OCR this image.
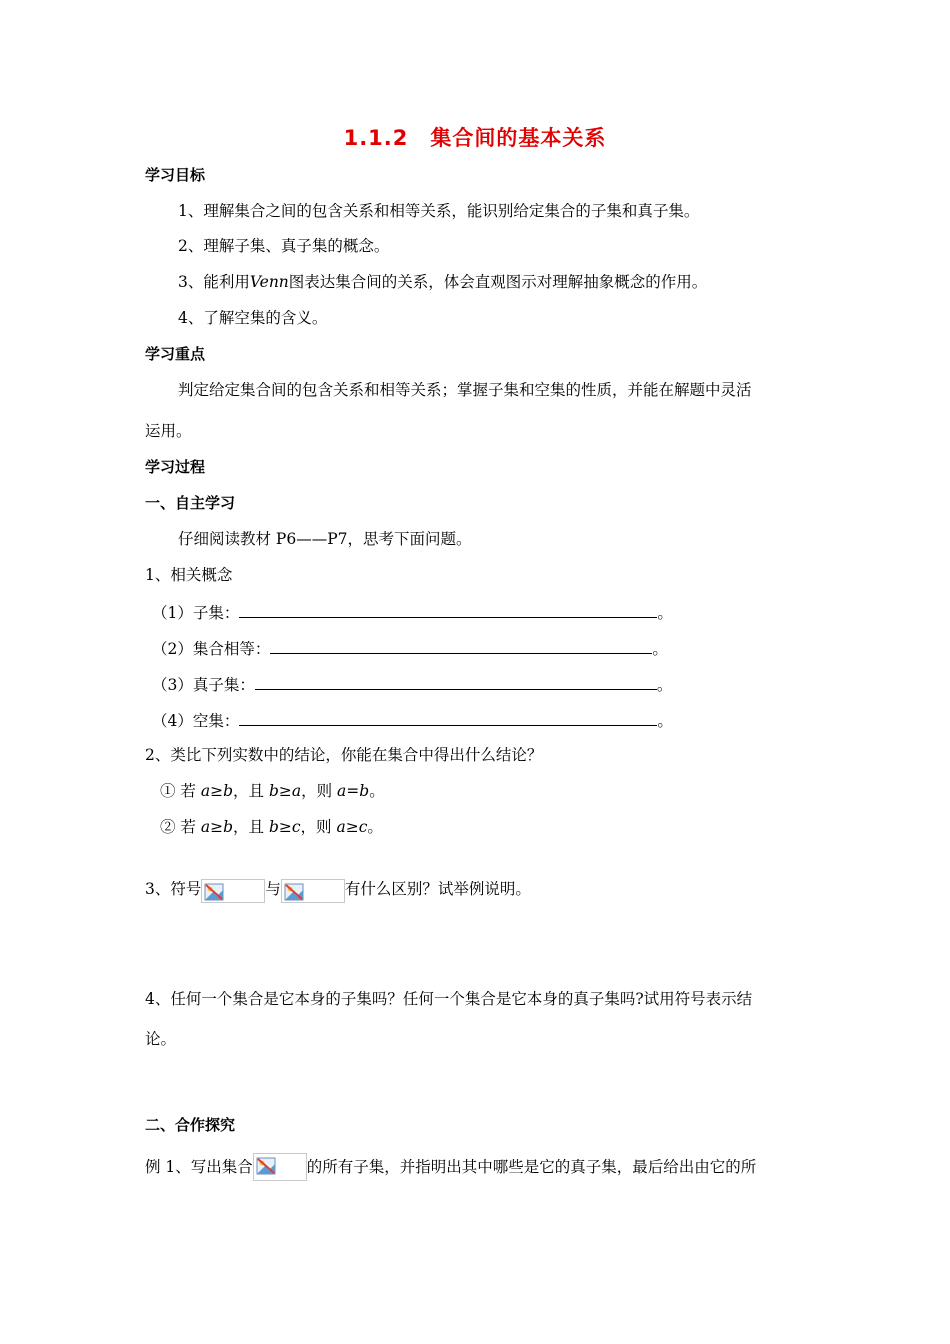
1.1.2 集合间的基本关系
学习目标
1、理解集合之间的包含关系和相等关系，能识别给定集合的子集和真子集。
2、理解子集、真子集的概念。
3、能利用Venn图表达集合间的关系，体会直观图示对理解抽象概念的作用。
4、了解空集的含义。
学习重点
判定给定集合间的包含关系和相等关系；掌握子集和空集的性质，并能在解题中灵活
运用。
学习过程
一、自主学习
仔细阅读教材 P6——P7，思考下面问题。
1、相关概念
（1）子集：	。
（2）集合相等：	。
（3）真子集：	。
（4）空集：	。
2、类比下列实数中的结论，你能在集合中得出什么结论？
① 若 a≥b，且 b≥a，则 a=b。
② 若 a≥b，且 b≥c，则 a≥c。
3、符号	与	有什么区别？试举例说明。
4、任何一个集合是它本身的子集吗？任何一个集合是它本身的真子集吗?试用符号表示结
论。
二、合作探究
例 1、写出集合	的所有子集，并指明出其中哪些是它的真子集，最后给出由它的所
